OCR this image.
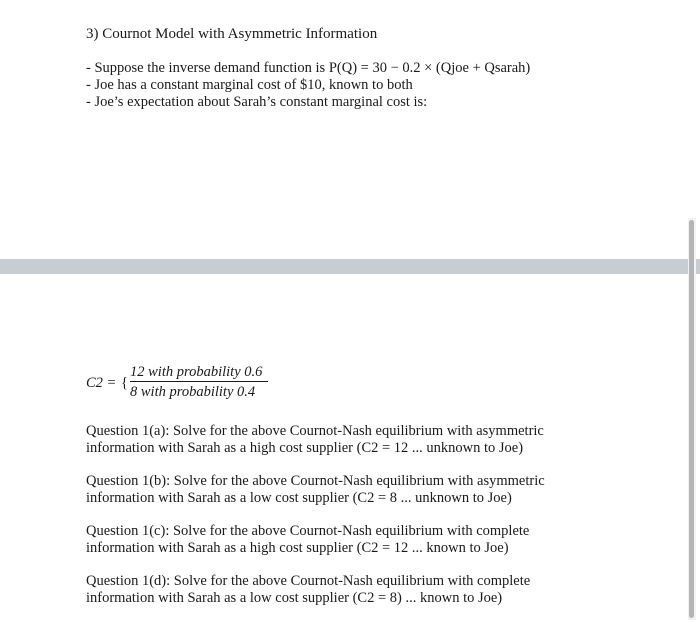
3) Cournot Model with Asymmetric Information
- Suppose the inverse demand function is P(Q) = 30 − 0.2 × (Qjoe + Qsarah)
- Joe has a constant marginal cost of $10, known to both
- Joe’s expectation about Sarah’s constant marginal cost is:
C2 = {
12 with probability 0.6
8 with probability 0.4
Question 1(a): Solve for the above Cournot-Nash equilibrium with asymmetric
information with Sarah as a high cost supplier (C2 = 12 ... unknown to Joe)
Question 1(b): Solve for the above Cournot-Nash equilibrium with asymmetric
information with Sarah as a low cost supplier (C2 = 8 ... unknown to Joe)
Question 1(c): Solve for the above Cournot-Nash equilibrium with complete
information with Sarah as a high cost supplier (C2 = 12 ... known to Joe)
Question 1(d): Solve for the above Cournot-Nash equilibrium with complete
information with Sarah as a low cost supplier (C2 = 8) ... known to Joe)
